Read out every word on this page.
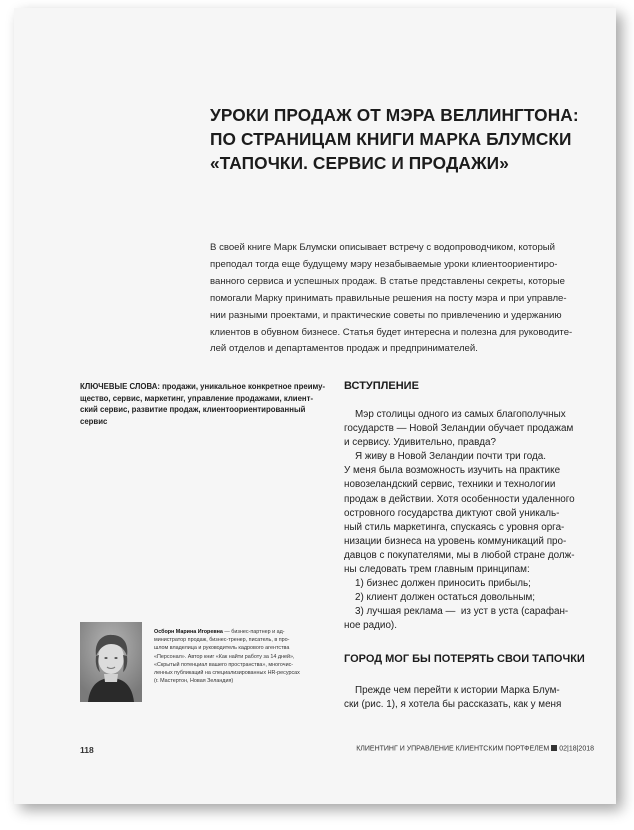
УРОКИ ПРОДАЖ ОТ МЭРА ВЕЛЛИНГТОНА:
ПО СТРАНИЦАМ КНИГИ МАРКА БЛУМСКИ
«ТАПОЧКИ. СЕРВИС И ПРОДАЖИ»
В своей книге Марк Блумски описывает встречу с водопроводчиком, который
преподал тогда еще будущему мэру незабываемые уроки клиентоориентиро-
ванного сервиса и успешных продаж. В статье представлены секреты, которые
помогали Марку принимать правильные решения на посту мэра и при управле-
нии разными проектами, и практические советы по привлечению и удержанию
клиентов в обувном бизнесе. Статья будет интересна и полезна для руководите-
лей отделов и департаментов продаж и предпринимателей.
КЛЮЧЕВЫЕ СЛОВА: продажи, уникальное конкретное преиму-
щество, сервис, маркетинг, управление продажами, клиент-
ский сервис, развитие продаж, клиентоориентированный
сервис
ВСТУПЛЕНИЕ
Мэр столицы одного из самых благополучных
государств — Новой Зеландии обучает продажам
и сервису. Удивительно, правда?
Я живу в Новой Зеландии почти три года.
У меня была возможность изучить на практике
новозеландский сервис, техники и технологии
продаж в действии. Хотя особенности удаленного
островного государства диктуют свой уникаль-
ный стиль маркетинга, спускаясь с уровня орга-
низации бизнеса на уровень коммуникаций про-
давцов с покупателями, мы в любой стране долж-
ны следовать трем главным принципам:
1) бизнес должен приносить прибыль;
2) клиент должен остаться довольным;
3) лучшая реклама —  из уст в уста (сарафан-
ное радио).
ГОРОД МОГ БЫ ПОТЕРЯТЬ СВОИ ТАПОЧКИ
Прежде чем перейти к истории Марка Блум-
ски (рис. 1), я хотела бы рассказать, как у меня
Осборн Марина Игоревна — бизнес-партнер и ад-
министратор продаж, бизнес-тренер, писатель, в про-
шлом владелица и руководитель кадрового агентства
«Персонал». Автор книг «Как найти работу за 14 дней»,
«Скрытый потенциал вашего пространства», многочис-
ленных публикаций на специализированных HR-ресурсах
(г. Мастертон, Новая Зеландия)
118	КЛИЕНТИНГ И УПРАВЛЕНИЕ КЛИЕНТСКИМ ПОРТФЕЛЕМ 02|18|2018
